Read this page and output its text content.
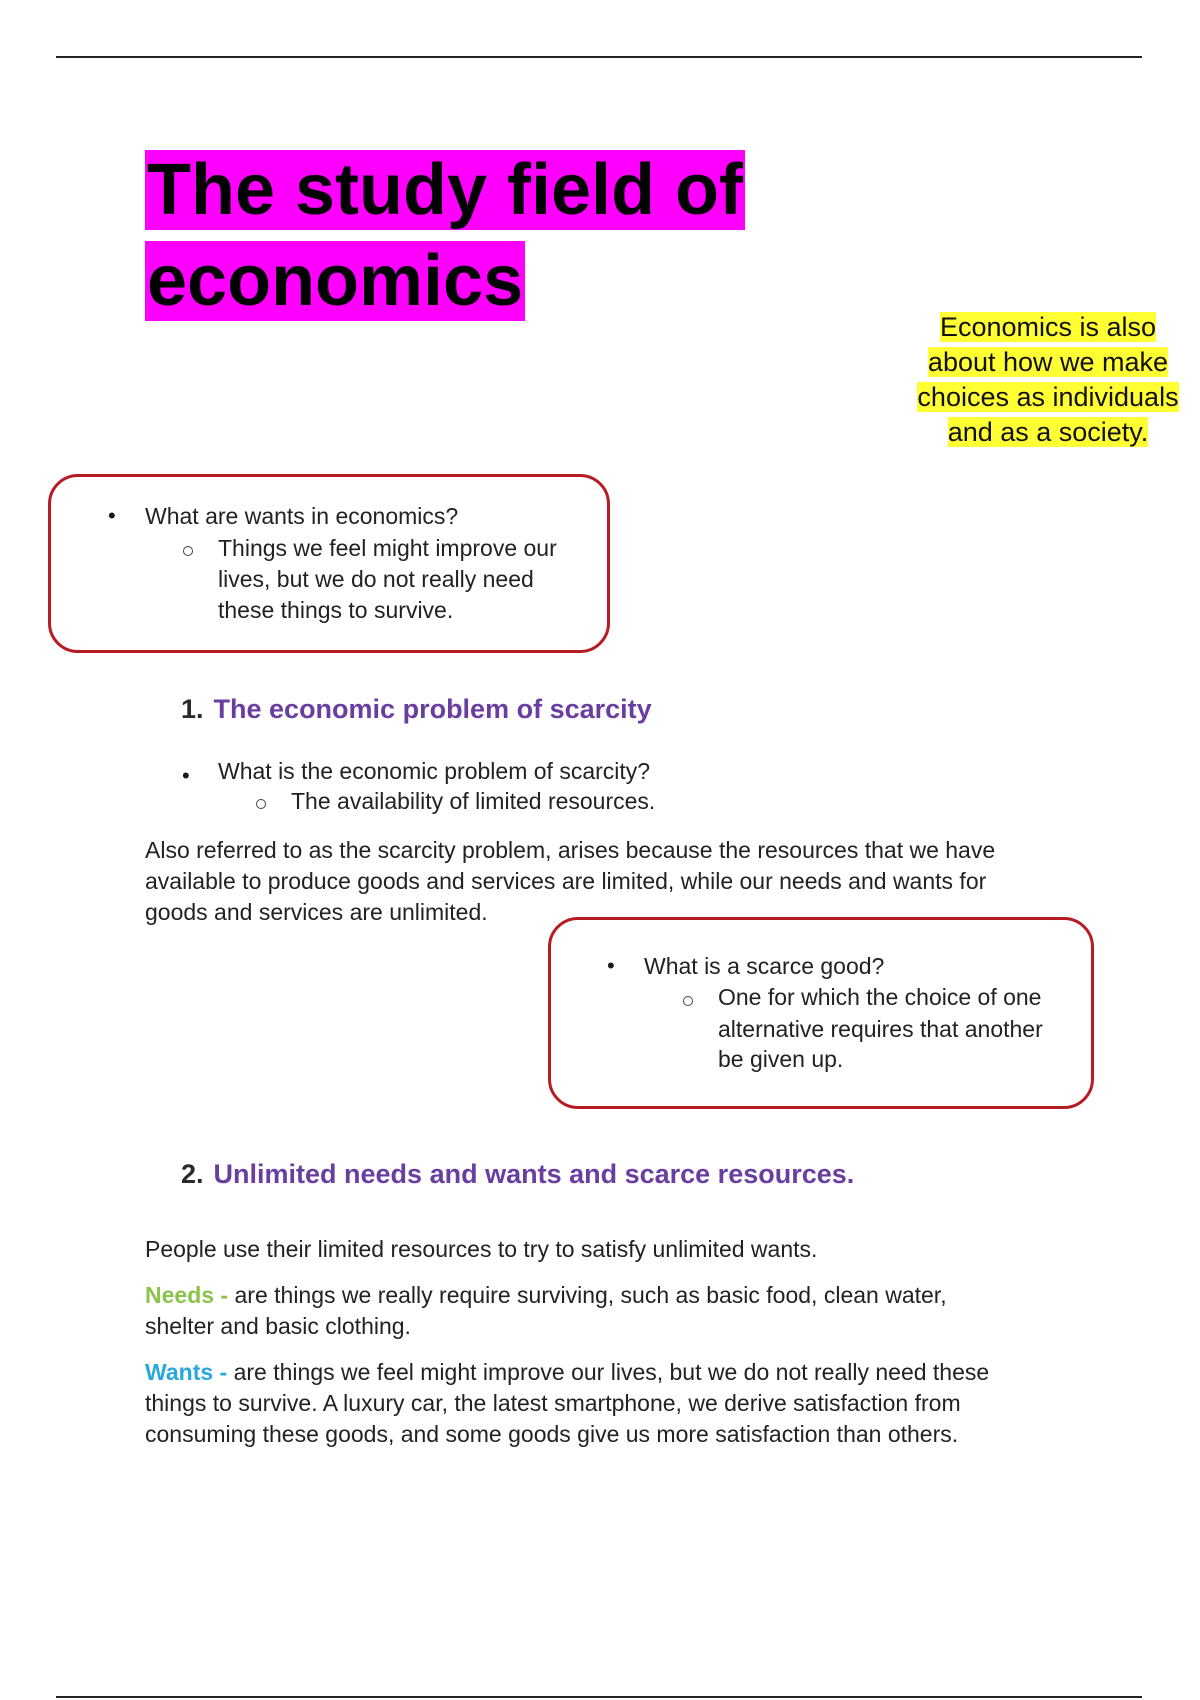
The study field of
economics
Economics is also
about how we make
choices as individuals
and as a society.
• What are wants in economics?
Things we feel might improve our
lives, but we do not really need
these things to survive.
1. The economic problem of scarcity
• What is the economic problem of scarcity?
The availability of limited resources.

Also referred to as the scarcity problem, arises because the resources that we have
available to produce goods and services are limited, while our needs and wants for
goods and services are unlimited.

• What is a scarce good?
One for which the choice of one
alternative requires that another
be given up.
2. Unlimited needs and wants and scarce resources.

People use their limited resources to try to satisfy unlimited wants.

Needs - are things we really require surviving, such as basic food, clean water,
shelter and basic clothing.

Wants - are things we feel might improve our lives, but we do not really need these
things to survive. A luxury car, the latest smartphone, we derive satisfaction from
consuming these goods, and some goods give us more satisfaction than others.
